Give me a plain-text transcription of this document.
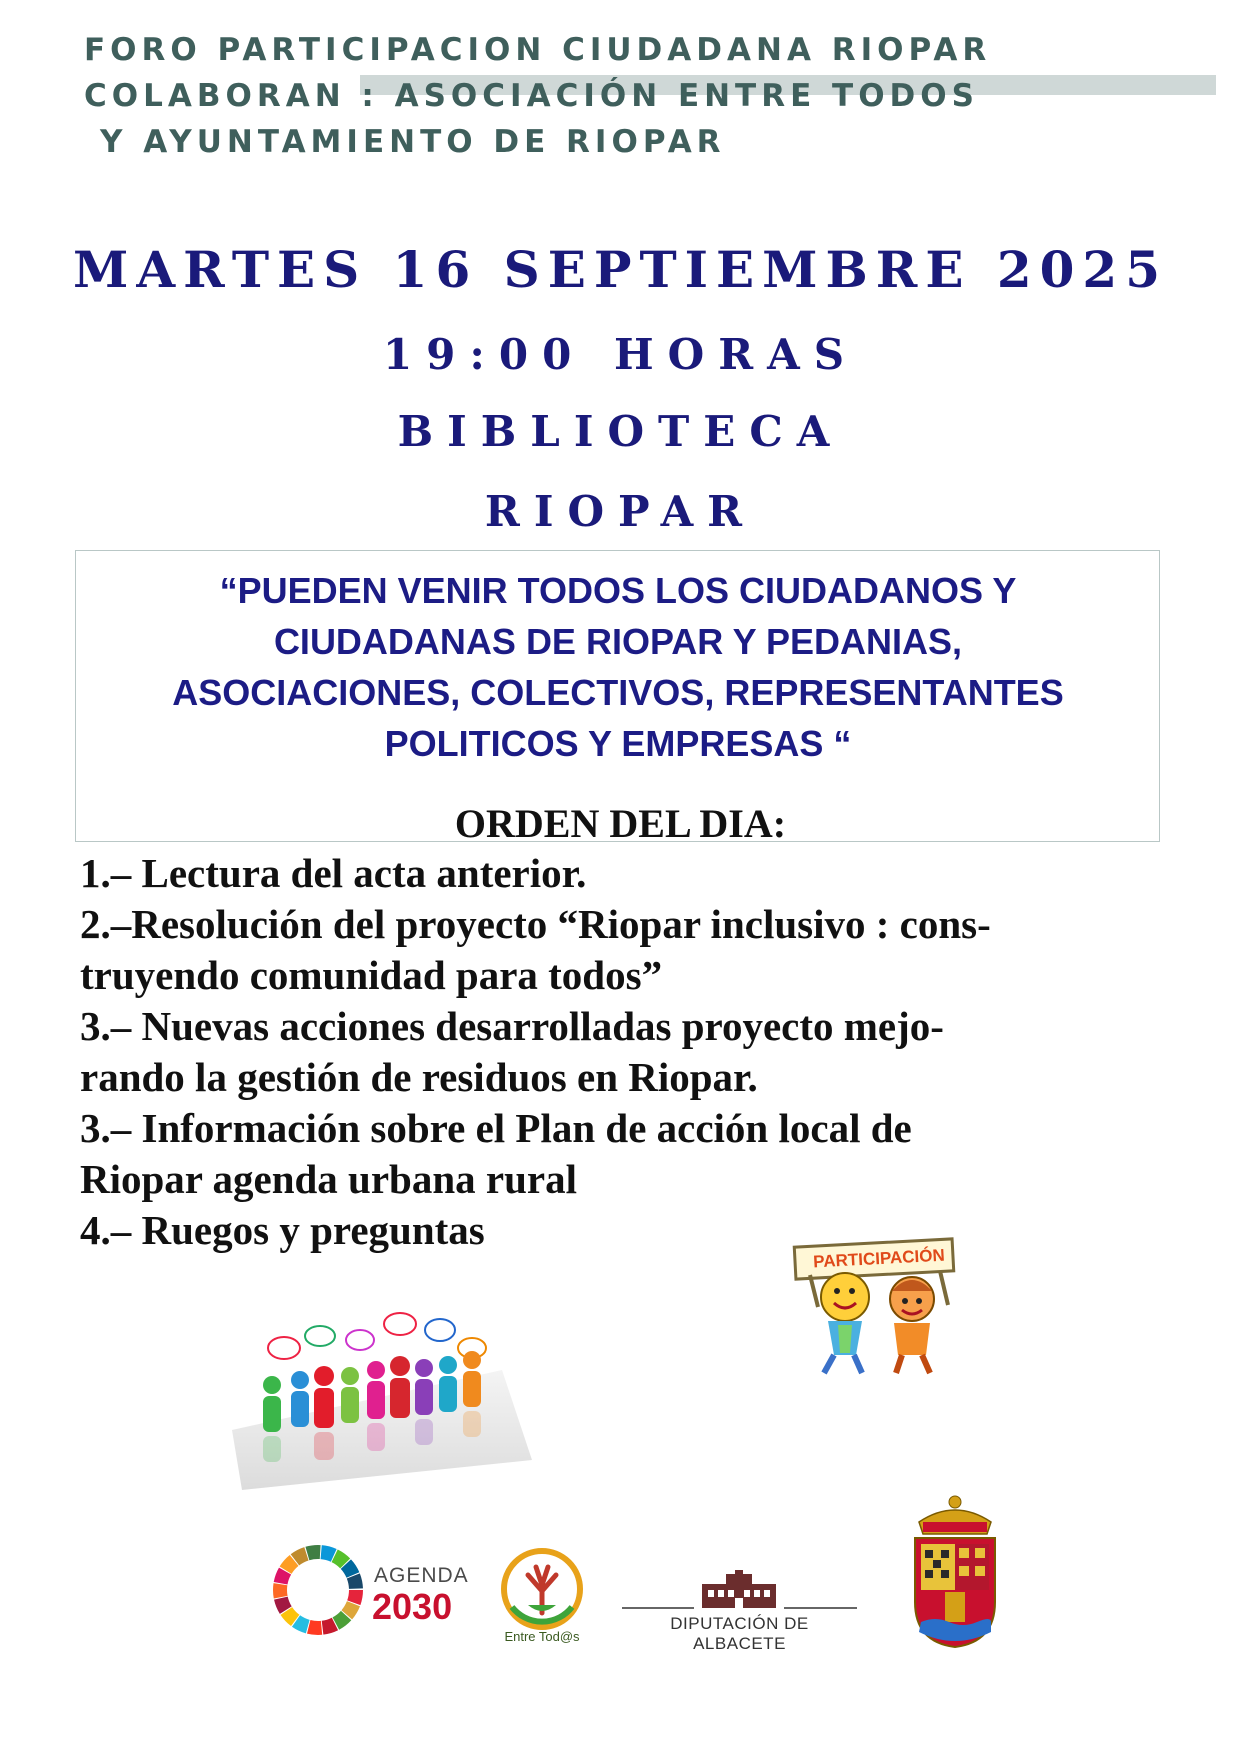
FORO PARTICIPACION CIUDADANA RIOPAR
COLABORAN : ASOCIACIÓN ENTRE TODOS
Y AYUNTAMIENTO DE RIOPAR
MARTES 16 SEPTIEMBRE 2025
19:00 HORAS
BIBLIOTECA
RIOPAR
“PUEDEN VENIR TODOS LOS CIUDADANOS Y
CIUDADANAS DE RIOPAR Y PEDANIAS,
ASOCIACIONES, COLECTIVOS, REPRESENTANTES
POLITICOS Y EMPRESAS “
ORDEN DEL DIA:
1.– Lectura del acta anterior.
2.–Resolución del proyecto “Riopar inclusivo : cons-
truyendo comunidad para todos”
3.– Nuevas acciones desarrolladas proyecto mejo-
rando la gestión de residuos en Riopar.
3.– Información sobre el Plan de acción local de
Riopar agenda urbana rural
4.– Ruegos y preguntas
PARTICIPACIÓN
AGENDA
2030
Entre Tod@s
DIPUTACIÓN DE ALBACETE
